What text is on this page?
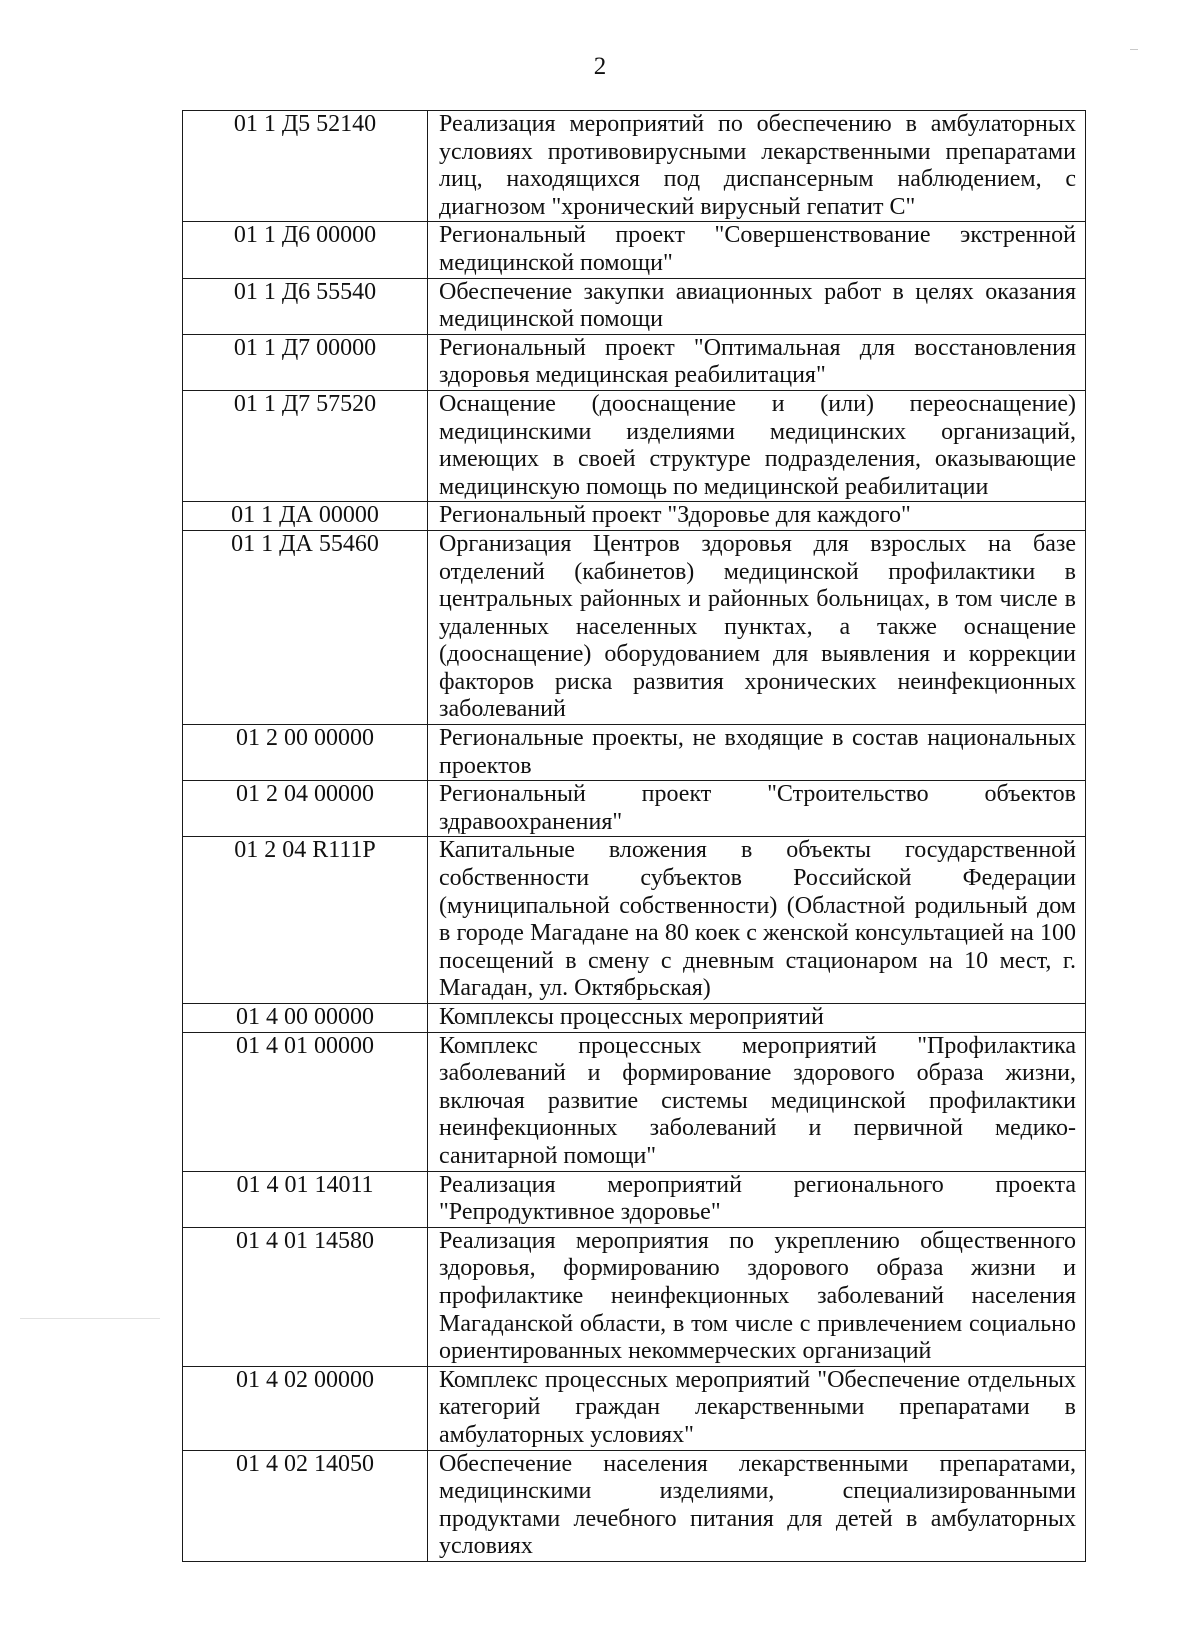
2
01 1 Д5 52140	Реализация мероприятий по обеспечению в амбулаторных условиях противовирусными лекарственными препаратами лиц, находящихся под диспансерным наблюдением, с диагнозом "хронический вирусный гепатит С"
01 1 Д6 00000	Региональный проект "Совершенствование экстренной медицинской помощи"
01 1 Д6 55540	Обеспечение закупки авиационных работ в целях оказания медицинской помощи
01 1 Д7 00000	Региональный проект "Оптимальная для восстановления здоровья медицинская реабилитация"
01 1 Д7 57520	Оснащение (дооснащение и (или) переоснащение) медицинскими изделиями медицинских организаций, имеющих в своей структуре подразделения, оказывающие медицинскую помощь по медицинской реабилитации
01 1 ДА 00000	Региональный проект "Здоровье для каждого"
01 1 ДА 55460	Организация Центров здоровья для взрослых на базе отделений (кабинетов) медицинской профилактики в центральных районных и районных больницах, в том числе в удаленных населенных пунктах, а также оснащение (дооснащение) оборудованием для выявления и коррекции факторов риска развития хронических неинфекционных заболеваний
01 2 00 00000	Региональные проекты, не входящие в состав национальных проектов
01 2 04 00000	Региональный проект "Строительство объектов здравоохранения"
01 2 04 R111P	Капитальные вложения в объекты государственной собственности субъектов Российской Федерации (муниципальной собственности) (Областной родильный дом в городе Магадане на 80 коек с женской консультацией на 100 посещений в смену с дневным стационаром на 10 мест, г. Магадан, ул. Октябрьская)
01 4 00 00000	Комплексы процессных мероприятий
01 4 01 00000	Комплекс процессных мероприятий "Профилактика заболеваний и формирование здорового образа жизни, включая развитие системы медицинской профилактики неинфекционных заболеваний и первичной медико-санитарной помощи"
01 4 01 14011	Реализация мероприятий регионального проекта "Репродуктивное здоровье"
01 4 01 14580	Реализация мероприятия по укреплению общественного здоровья, формированию здорового образа жизни и профилактике неинфекционных заболеваний населения Магаданской области, в том числе с привлечением социально ориентированных некоммерческих организаций
01 4 02 00000	Комплекс процессных мероприятий "Обеспечение отдельных категорий граждан лекарственными препаратами в амбулаторных условиях"
01 4 02 14050	Обеспечение населения лекарственными препаратами, медицинскими изделиями, специализированными продуктами лечебного питания для детей в амбулаторных условиях
